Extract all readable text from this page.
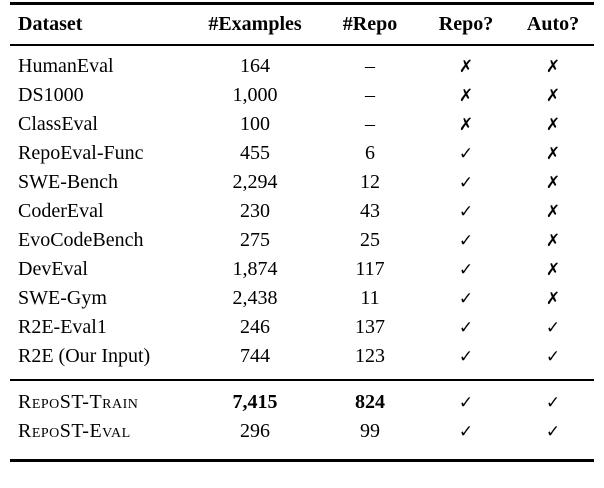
Dataset	#Examples	#Repo	Repo?	Auto?
HumanEval	164	–	✗	✗
DS1000	1,000	–	✗	✗
ClassEval	100	–	✗	✗
RepoEval-Func	455	6	✓	✗
SWE-Bench	2,294	12	✓	✗
CoderEval	230	43	✓	✗
EvoCodeBench	275	25	✓	✗
DevEval	1,874	117	✓	✗
SWE-Gym	2,438	11	✓	✗
R2E-Eval1	246	137	✓	✓
R2E (Our Input)	744	123	✓	✓
RepoST-Train	7,415	824	✓	✓
RepoST-Eval	296	99	✓	✓
